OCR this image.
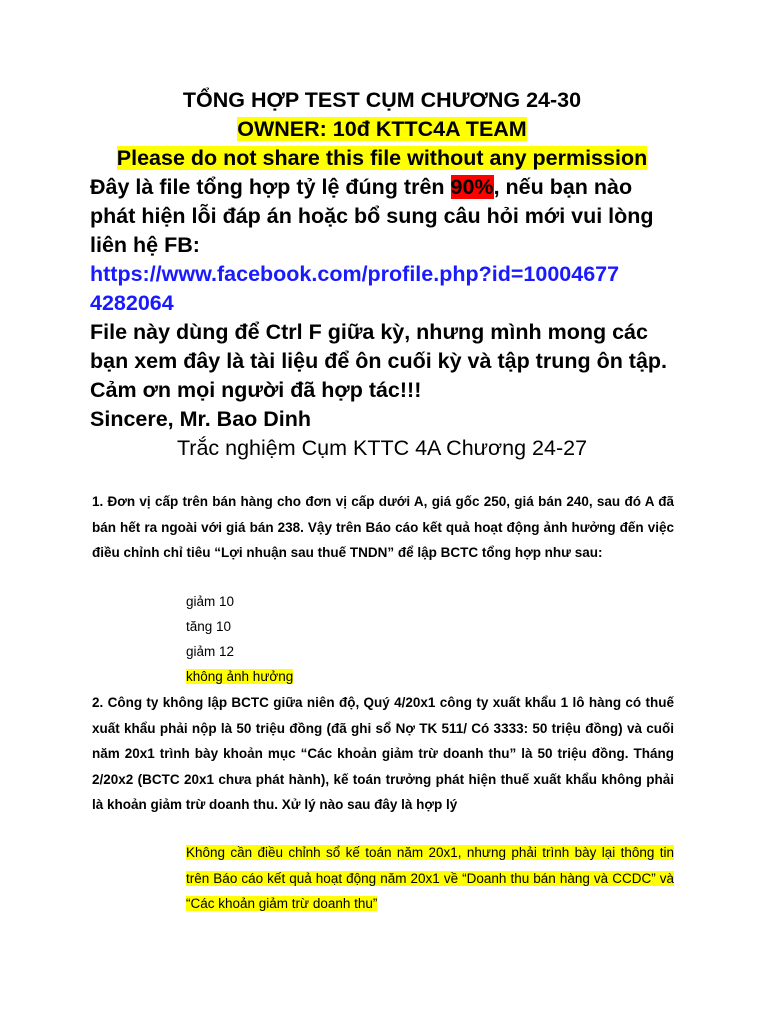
TỔNG HỢP TEST CỤM CHƯƠNG 24-30
OWNER: 10đ KTTC4A TEAM
Please do not share this file without any permission
Đây là file tổng hợp tỷ lệ đúng trên 90%, nếu bạn nào phát hiện lỗi đáp án hoặc bổ sung câu hỏi mới vui lòng liên hệ FB:
https://www.facebook.com/profile.php?id=10004677
4282064
File này dùng để Ctrl F giữa kỳ, nhưng mình mong các bạn xem đây là tài liệu để ôn cuối kỳ và tập trung ôn tập.
Cảm ơn mọi người đã hợp tác!!!
Sincere, Mr. Bao Dinh
Trắc nghiệm Cụm KTTC 4A Chương 24-27
1. Đơn vị cấp trên bán hàng cho đơn vị cấp dưới A, giá gốc 250, giá bán 240, sau đó A đã bán hết ra ngoài với giá bán 238. Vậy trên Báo cáo kết quả hoạt động ảnh hưởng đến việc điều chỉnh chỉ tiêu “Lợi nhuận sau thuế TNDN” để lập BCTC tổng hợp như sau:
giảm 10
tăng 10
giảm 12
không ảnh hưởng
2. Công ty không lập BCTC giữa niên độ, Quý 4/20x1 công ty xuất khẩu 1 lô hàng có thuế xuất khẩu phải nộp là 50 triệu đồng (đã ghi sổ Nợ TK 511/ Có 3333: 50 triệu đồng) và cuối năm 20x1 trình bày khoản mục “Các khoản giảm trừ doanh thu” là 50 triệu đồng. Tháng 2/20x2 (BCTC 20x1 chưa phát hành), kế toán trưởng phát hiện thuế xuất khẩu không phải là khoản giảm trừ doanh thu. Xử lý nào sau đây là hợp lý
Không cần điều chỉnh sổ kế toán năm 20x1, nhưng phải trình bày lại thông tin trên Báo cáo kết quả hoạt động năm 20x1 về “Doanh thu bán hàng và CCDC” và “Các khoản giảm trừ doanh thu”
